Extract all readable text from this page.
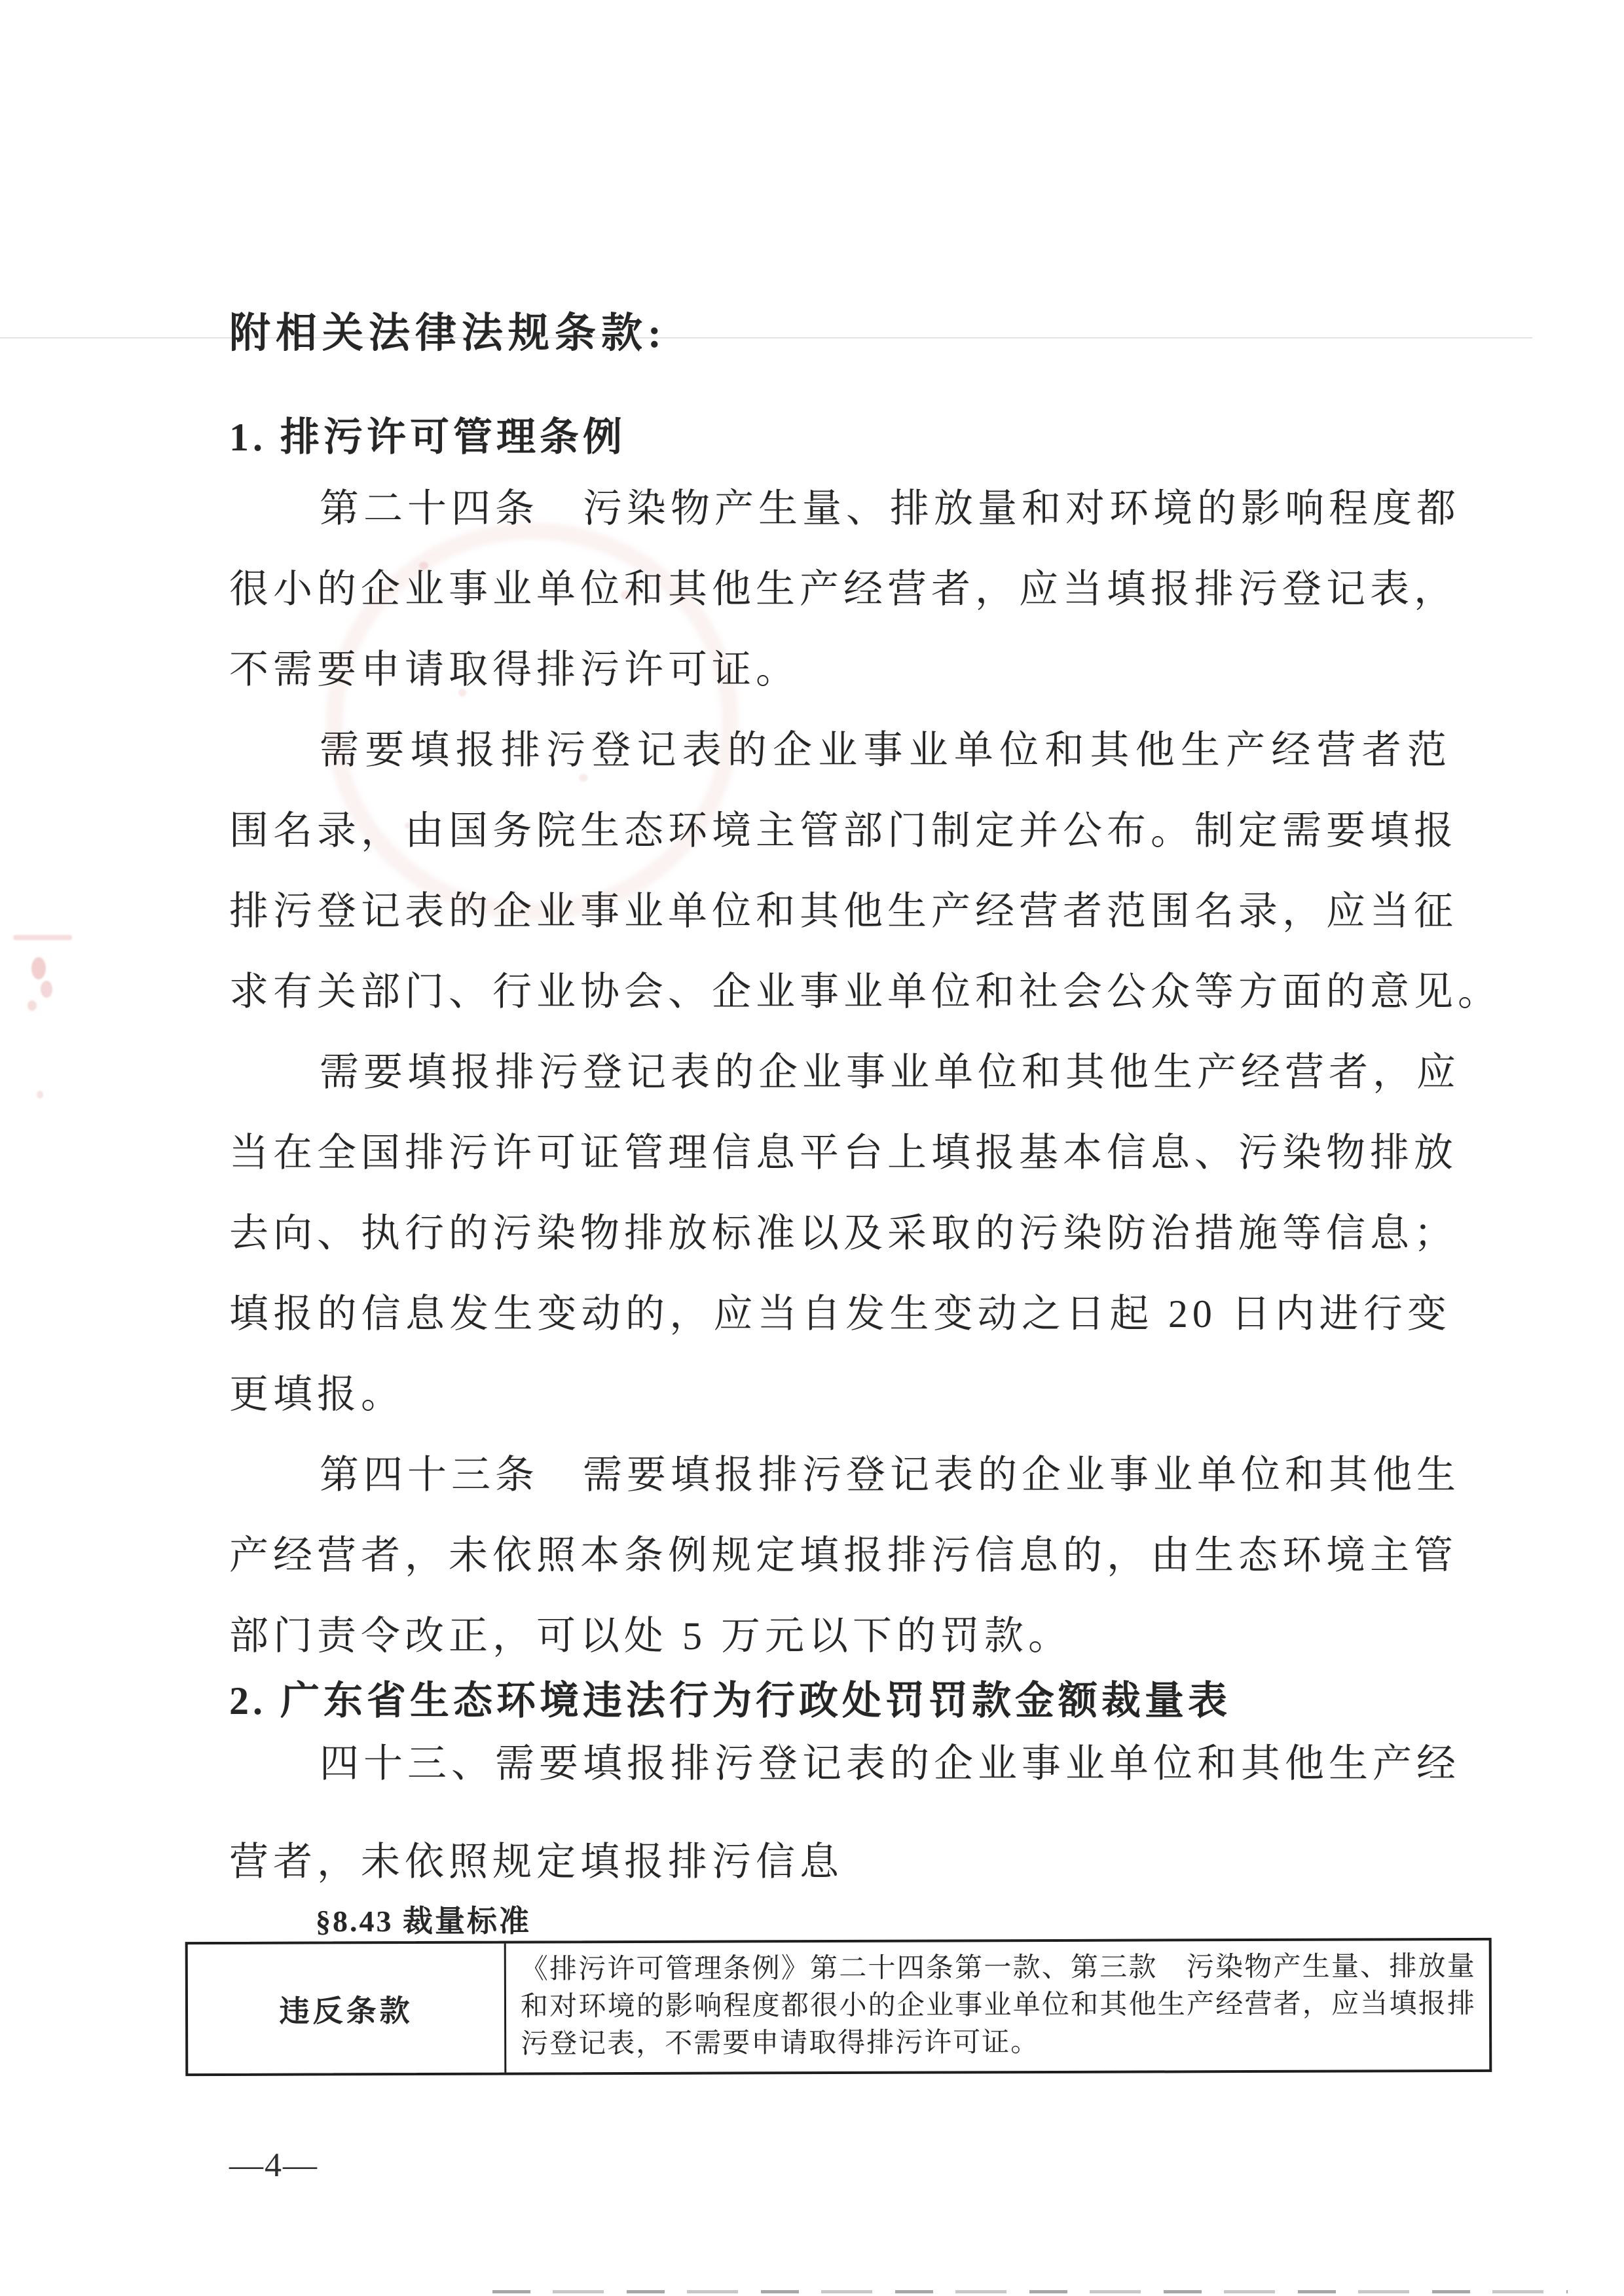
附相关法律法规条款:
1. 排污许可管理条例
第二十四条　污染物产生量、排放量和对环境的影响程度都
很小的企业事业单位和其他生产经营者，应当填报排污登记表，
不需要申请取得排污许可证。
需要填报排污登记表的企业事业单位和其他生产经营者范
围名录，由国务院生态环境主管部门制定并公布。制定需要填报
排污登记表的企业事业单位和其他生产经营者范围名录，应当征
求有关部门、行业协会、企业事业单位和社会公众等方面的意见。
需要填报排污登记表的企业事业单位和其他生产经营者，应
当在全国排污许可证管理信息平台上填报基本信息、污染物排放
去向、执行的污染物排放标准以及采取的污染防治措施等信息；
填报的信息发生变动的，应当自发生变动之日起 20 日内进行变
更填报。
第四十三条　需要填报排污登记表的企业事业单位和其他生
产经营者，未依照本条例规定填报排污信息的，由生态环境主管
部门责令改正，可以处 5 万元以下的罚款。
2. 广东省生态环境违法行为行政处罚罚款金额裁量表
四十三、需要填报排污登记表的企业事业单位和其他生产经
营者，未依照规定填报排污信息
§8.43 裁量标准
违反条款
《排污许可管理条例》第二十四条第一款、第三款　污染物产生量、排放量和对环境的影响程度都很小的企业事业单位和其他生产经营者，应当填报排污登记表，不需要申请取得排污许可证。
—4—
